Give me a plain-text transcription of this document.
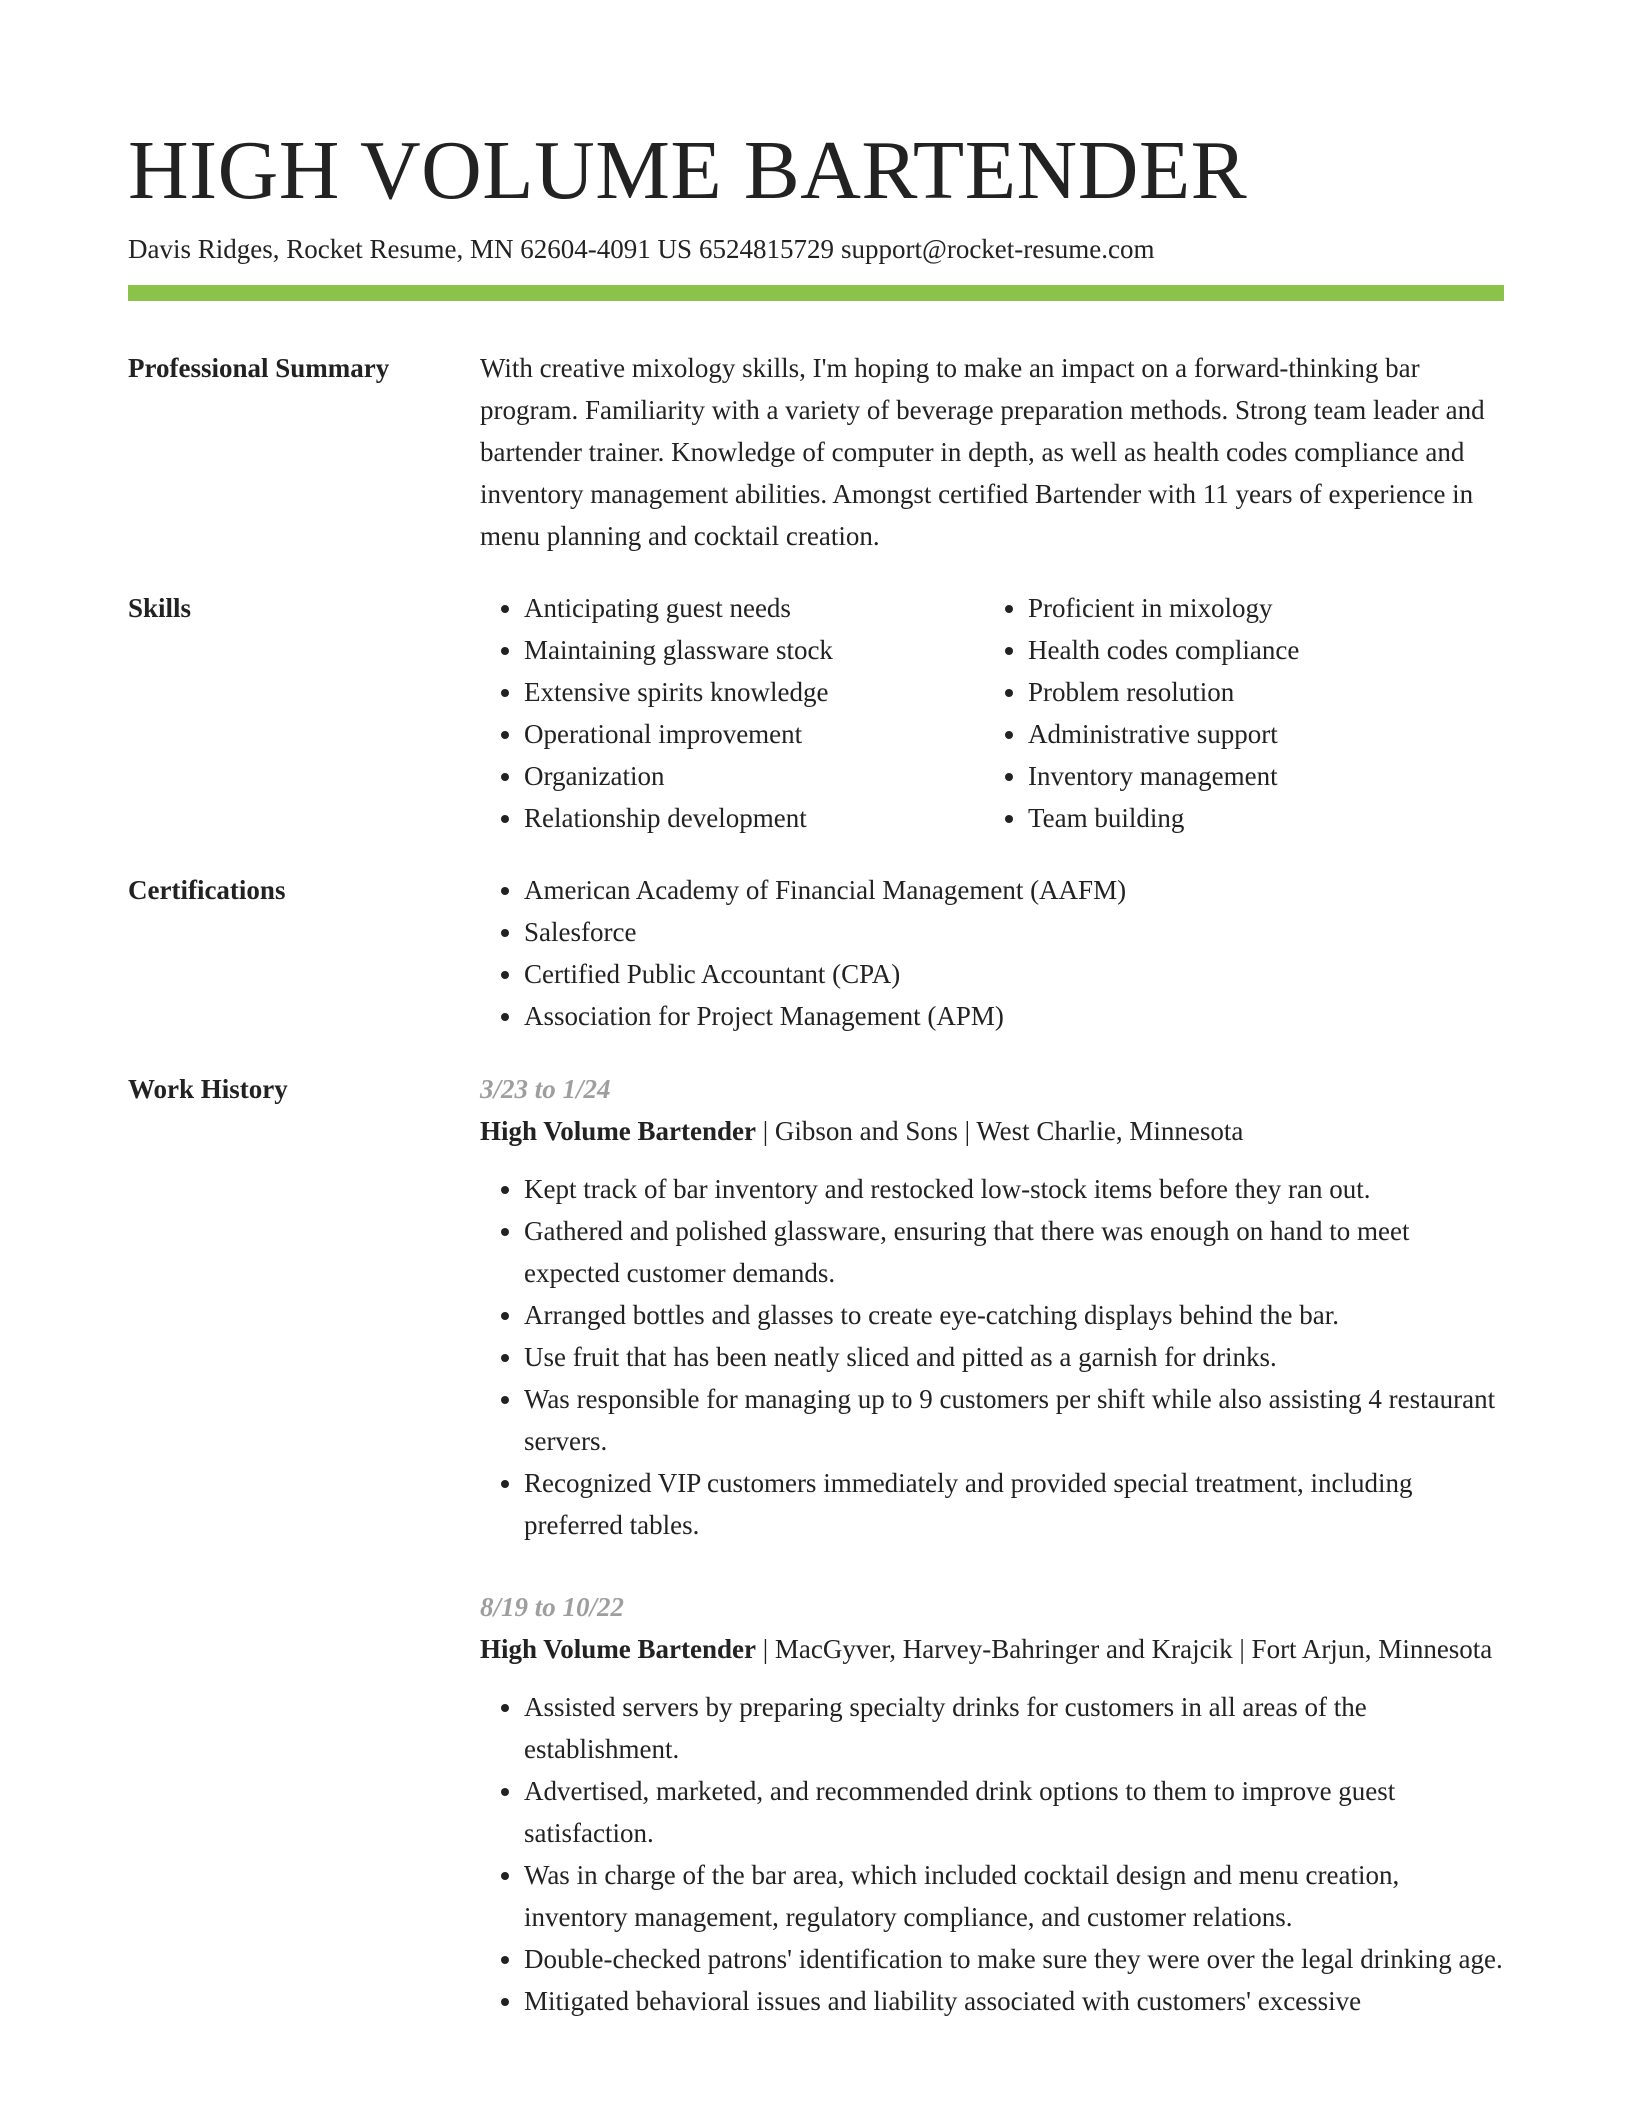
HIGH VOLUME BARTENDER
Davis Ridges, Rocket Resume, MN 62604-4091 US 6524815729 support@rocket-resume.com
Professional Summary	With creative mixology skills, I'm hoping to make an impact on a forward-thinking bar program. Familiarity with a variety of beverage preparation methods. Strong team leader and bartender trainer. Knowledge of computer in depth, as well as health codes compliance and inventory management abilities. Amongst certified Bartender with 11 years of experience in menu planning and cocktail creation.

Skills	• Anticipating guest needs
• Maintaining glassware stock
• Extensive spirits knowledge
• Operational improvement
• Organization
• Relationship development
• Proficient in mixology
• Health codes compliance
• Problem resolution
• Administrative support
• Inventory management
• Team building
Certifications	• American Academy of Financial Management (AAFM)
• Salesforce
• Certified Public Accountant (CPA)
• Association for Project Management (APM)
Work History	3/23 to 1/24
High Volume Bartender | Gibson and Sons | West Charlie, Minnesota
• Kept track of bar inventory and restocked low-stock items before they ran out.
• Gathered and polished glassware, ensuring that there was enough on hand to meet expected customer demands.
• Arranged bottles and glasses to create eye-catching displays behind the bar.
• Use fruit that has been neatly sliced and pitted as a garnish for drinks.
• Was responsible for managing up to 9 customers per shift while also assisting 4 restaurant servers.
• Recognized VIP customers immediately and provided special treatment, including preferred tables.
8/19 to 10/22
High Volume Bartender | MacGyver, Harvey-Bahringer and Krajcik | Fort Arjun, Minnesota
• Assisted servers by preparing specialty drinks for customers in all areas of the establishment.
• Advertised, marketed, and recommended drink options to them to improve guest satisfaction.
• Was in charge of the bar area, which included cocktail design and menu creation, inventory management, regulatory compliance, and customer relations.
• Double-checked patrons' identification to make sure they were over the legal drinking age.
• Mitigated behavioral issues and liability associated with customers' excessive
